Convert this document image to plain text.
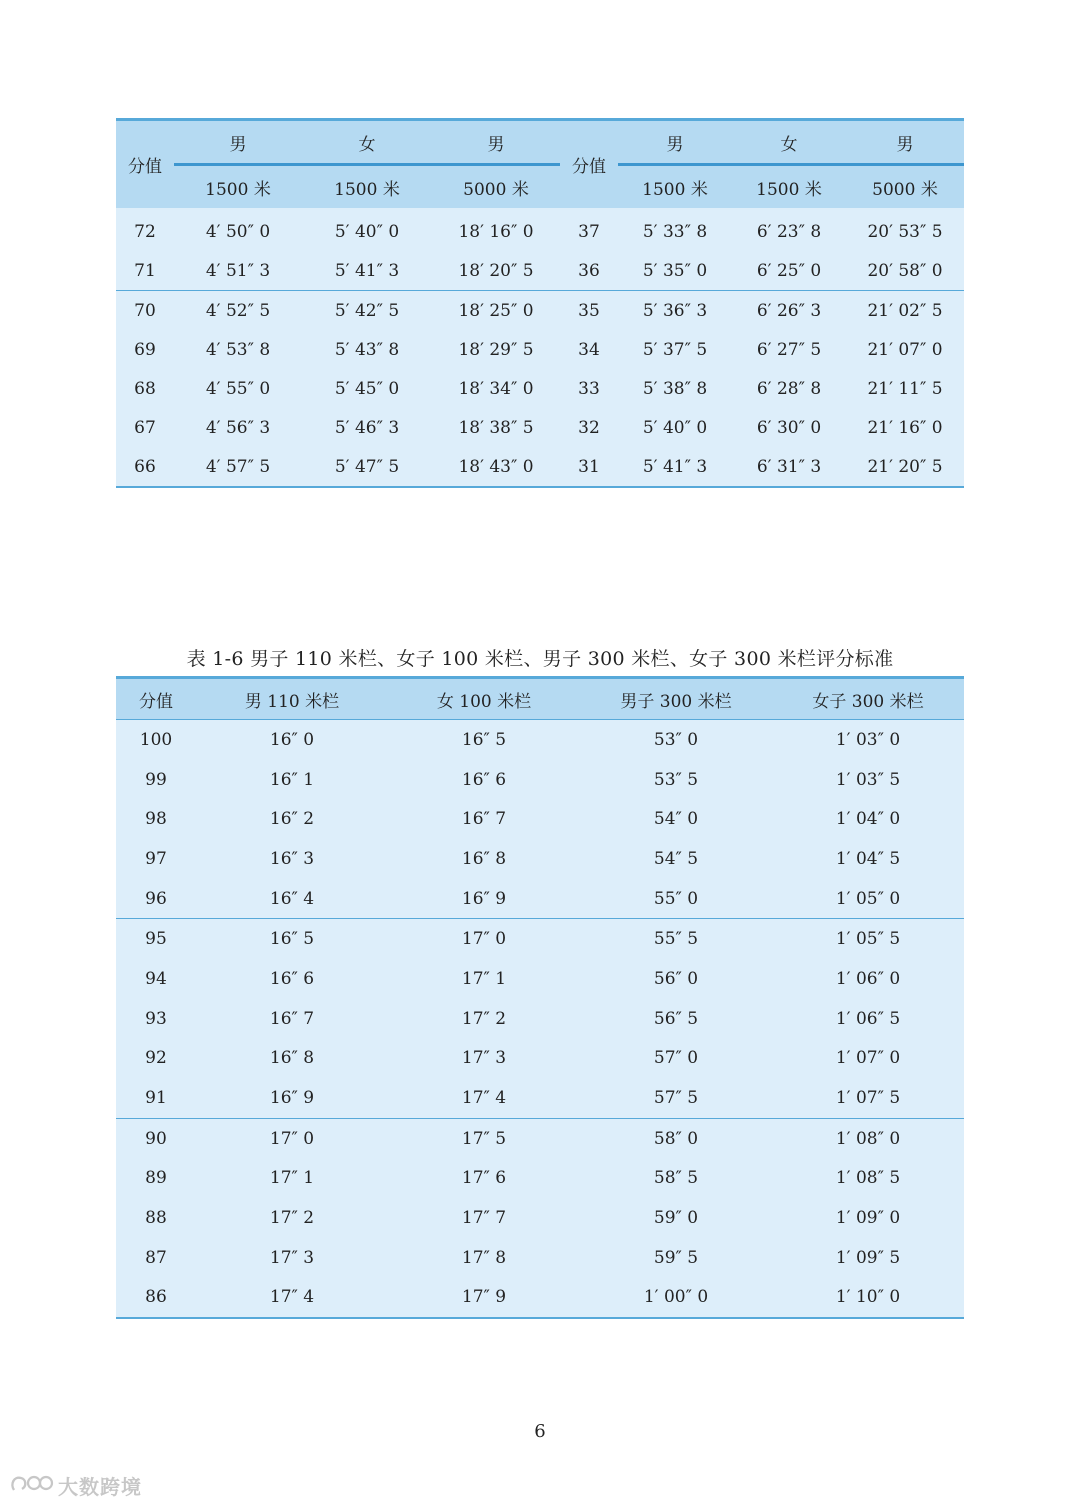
分值	男	女	男	分值	男	女	男
	1500 米	1500 米	5000 米		1500 米	1500 米	5000 米
72	4′ 50″ 0	5′ 40″ 0	18′ 16″ 0	37	5′ 33″ 8	6′ 23″ 8	20′ 53″ 5
71	4′ 51″ 3	5′ 41″ 3	18′ 20″ 5	36	5′ 35″ 0	6′ 25″ 0	20′ 58″ 0
70	4′ 52″ 5	5′ 42″ 5	18′ 25″ 0	35	5′ 36″ 3	6′ 26″ 3	21′ 02″ 5
69	4′ 53″ 8	5′ 43″ 8	18′ 29″ 5	34	5′ 37″ 5	6′ 27″ 5	21′ 07″ 0
68	4′ 55″ 0	5′ 45″ 0	18′ 34″ 0	33	5′ 38″ 8	6′ 28″ 8	21′ 11″ 5
67	4′ 56″ 3	5′ 46″ 3	18′ 38″ 5	32	5′ 40″ 0	6′ 30″ 0	21′ 16″ 0
66	4′ 57″ 5	5′ 47″ 5	18′ 43″ 0	31	5′ 41″ 3	6′ 31″ 3	21′ 20″ 5
表 1-6 男子 110 米栏、女子 100 米栏、男子 300 米栏、女子 300 米栏评分标准
分值	男 110 米栏	女 100 米栏	男子 300 米栏	女子 300 米栏
100	16″ 0	16″ 5	53″ 0	1′ 03″ 0
99	16″ 1	16″ 6	53″ 5	1′ 03″ 5
98	16″ 2	16″ 7	54″ 0	1′ 04″ 0
97	16″ 3	16″ 8	54″ 5	1′ 04″ 5
96	16″ 4	16″ 9	55″ 0	1′ 05″ 0
95	16″ 5	17″ 0	55″ 5	1′ 05″ 5
94	16″ 6	17″ 1	56″ 0	1′ 06″ 0
93	16″ 7	17″ 2	56″ 5	1′ 06″ 5
92	16″ 8	17″ 3	57″ 0	1′ 07″ 0
91	16″ 9	17″ 4	57″ 5	1′ 07″ 5
90	17″ 0	17″ 5	58″ 0	1′ 08″ 0
89	17″ 1	17″ 6	58″ 5	1′ 08″ 5
88	17″ 2	17″ 7	59″ 0	1′ 09″ 0
87	17″ 3	17″ 8	59″ 5	1′ 09″ 5
86	17″ 4	17″ 9	1′ 00″ 0	1′ 10″ 0
6
大数跨境
